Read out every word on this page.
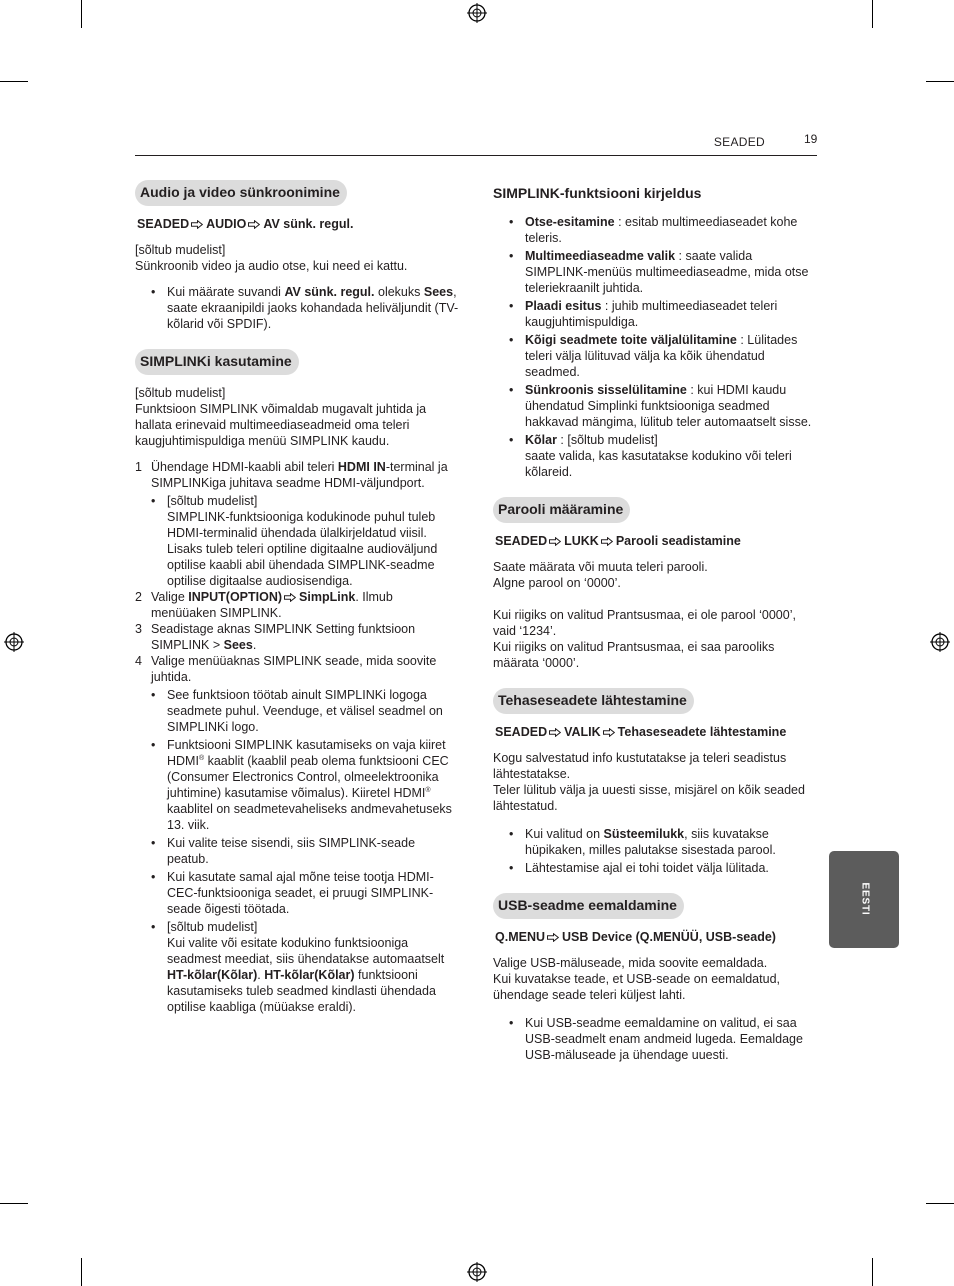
SEADED	19
EESTI
Audio ja video sünkroonimine
SEADED AUDIO AV sünk. regul.

[sõltub mudelist]

Sünkroonib video ja audio otse, kui need ei kattu.

• Kui määrate suvandi AV sünk. regul. olekuks Sees, saate ekraanipildi jaoks kohandada heliväljundit (TV-kõlarid või SPDIF).
SIMPLINKi kasutamine

[sõltub mudelist]

Funktsioon SIMPLINK võimaldab mugavalt juhtida ja hallata erinevaid multimeediaseadmeid oma teleri kaugjuhtimispuldiga menüü SIMPLINK kaudu.

1 Ühendage HDMI-kaabli abil teleri HDMI IN-terminal ja SIMPLINKiga juhitava seadme HDMI-väljundport.
• [sõltub mudelist]
SIMPLINK-funktsiooniga kodukinode puhul tuleb HDMI-terminalid ühendada ülalkirjeldatud viisil. Lisaks tuleb teleri optiline digitaalne audioväljund optilise kaabli abil ühendada SIMPLINK-seadme optilise digitaalse audiosisendiga.
2 Valige INPUT(OPTION) SimpLink. Ilmub menüüaken SIMPLINK.
3 Seadistage aknas SIMPLINK Setting funktsioon SIMPLINK > Sees.
4 Valige menüüaknas SIMPLINK seade, mida soovite juhtida.
• See funktsioon töötab ainult SIMPLINKi logoga seadmete puhul. Veenduge, et välisel seadmel on SIMPLINKi logo.
• Funktsiooni SIMPLINK kasutamiseks on vaja kiiret HDMI® kaablit (kaablil peab olema funktsiooni CEC (Consumer Electronics Control, olmeelektroonika juhtimine) kasutamise võimalus). Kiiretel HDMI® kaablitel on seadmetevaheliseks andmevahetuseks 13. viik.
• Kui valite teise sisendi, siis SIMPLINK-seade peatub.
• Kui kasutate samal ajal mõne teise tootja HDMI-CEC-funktsiooniga seadet, ei pruugi SIMPLINK-seade õigesti töötada.
• [sõltub mudelist]
Kui valite või esitate kodukino funktsiooniga seadmest meediat, siis ühendatakse automaatselt HT-kõlar(Kõlar). HT-kõlar(Kõlar) funktsiooni kasutamiseks tuleb seadmed kindlasti ühendada optilise kaabliga (müüakse eraldi).
SIMPLINK-funktsiooni kirjeldus
• Otse-esitamine : esitab multimeediaseadet kohe teleris.
• Multimeediaseadme valik : saate valida SIMPLINK-menüüs multimeediaseadme, mida otse teleriekraanilt juhtida.
• Plaadi esitus : juhib multimeediaseadet teleri kaugjuhtimispuldiga.
• Kõigi seadmete toite väljalülitamine : Lülitades teleri välja lülituvad välja ka kõik ühendatud seadmed.
• Sünkroonis sisselülitamine : kui HDMI kaudu ühendatud Simplinki funktsiooniga seadmed hakkavad mängima, lülitub teler automaatselt sisse.
• Kõlar : [sõltub mudelist]
saate valida, kas kasutatakse kodukino või teleri kõlareid.
Parooli määramine
SEADED LUKK Parooli seadistamine

Saate määrata või muuta teleri parooli.

Algne parool on ‘0000’.

Kui riigiks on valitud Prantsusmaa, ei ole parool ‘0000’, vaid ‘1234’.

Kui riigiks on valitud Prantsusmaa, ei saa parooliks määrata ‘0000’.

Tehaseseadete lähtestamine
SEADED VALIK Tehaseseadete lähtestamine

Kogu salvestatud info kustutatakse ja teleri seadistus lähtestatakse.

Teler lülitub välja ja uuesti sisse, misjärel on kõik seaded lähtestatud.

• Kui valitud on Süsteemilukk, siis kuvatakse hüpikaken, milles palutakse sisestada parool.
• Lähtestamise ajal ei tohi toidet välja lülitada.
USB-seadme eemaldamine
Q.MENU USB Device (Q.MENÜÜ, USB-seade)

Valige USB-mäluseade, mida soovite eemaldada.

Kui kuvatakse teade, et USB-seade on eemaldatud, ühendage seade teleri küljest lahti.

• Kui USB-seadme eemaldamine on valitud, ei saa USB-seadmelt enam andmeid lugeda. Eemaldage USB-mäluseade ja ühendage uuesti.
